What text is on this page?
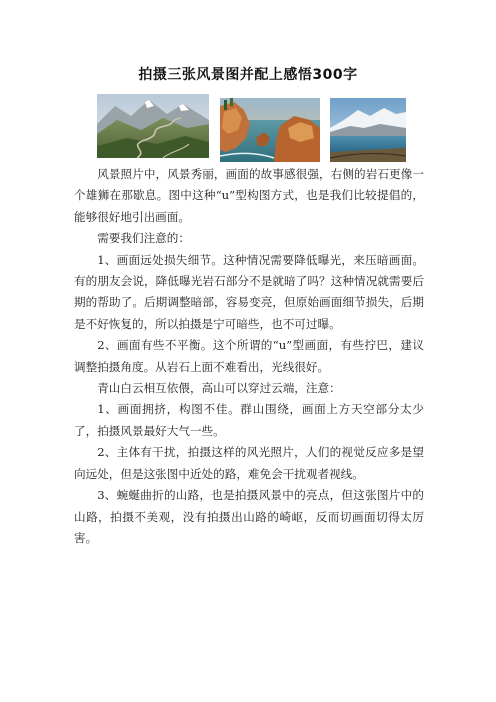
拍摄三张风景图并配上感悟300字

风景照片中，风景秀丽，画面的故事感很强，右侧的岩石更像一个雄狮在那歇息。图中这种“u”型构图方式，也是我们比较提倡的，能够很好地引出画面。

需要我们注意的：

1、画面远处损失细节。这种情况需要降低曝光，来压暗画面。有的朋友会说，降低曝光岩石部分不是就暗了吗？这种情况就需要后期的帮助了。后期调整暗部，容易变亮，但原始画面细节损失，后期是不好恢复的，所以拍摄是宁可暗些，也不可过曝。

2、画面有些不平衡。这个所谓的“u”型画面，有些拧巴，建议调整拍摄角度。从岩石上面不难看出，光线很好。

青山白云相互依偎，高山可以穿过云端，注意：

1、画面拥挤，构图不佳。群山围绕，画面上方天空部分太少了，拍摄风景最好大气一些。

2、主体有干扰，拍摄这样的风光照片，人们的视觉反应多是望向远处，但是这张图中近处的路，难免会干扰观者视线。

3、蜿蜒曲折的山路，也是拍摄风景中的亮点，但这张图片中的山路，拍摄不美观，没有拍摄出山路的崎岖，反而切画面切得太厉害。
